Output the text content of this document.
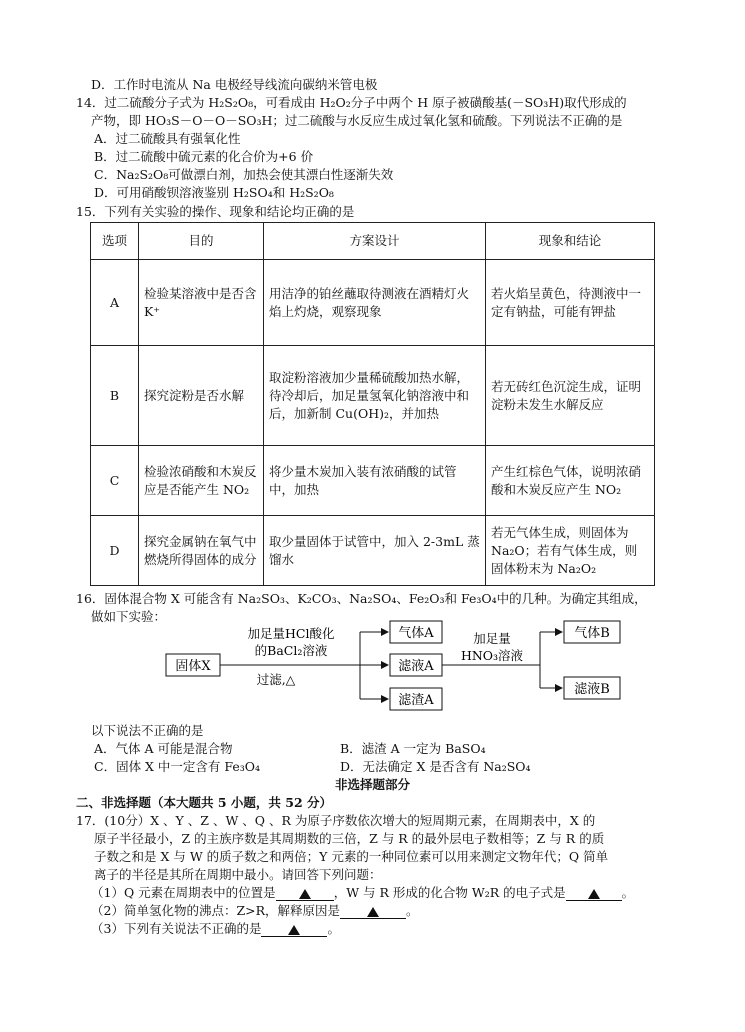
D．工作时电流从 Na 电极经导线流向碳纳米管电极
14．过二硫酸分子式为 H₂S₂O₈，可看成由 H₂O₂分子中两个 H 原子被磺酸基(－SO₃H)取代形成的
产物，即 HO₃S－O－O－SO₃H；过二硫酸与水反应生成过氧化氢和硫酸。下列说法不正确的是
A．过二硫酸具有强氧化性
B．过二硫酸中硫元素的化合价为+6 价
C．Na₂S₂O₈可做漂白剂，加热会使其漂白性逐渐失效
D．可用硝酸钡溶液鉴别 H₂SO₄和 H₂S₂O₈
15．下列有关实验的操作、现象和结论均正确的是
选项	目的	方案设计	现象和结论
A	检验某溶液中是否含 K⁺	用洁净的铂丝蘸取待测液在酒精灯火焰上灼烧，观察现象	若火焰呈黄色，待测液中一定有钠盐，可能有钾盐
B	探究淀粉是否水解	取淀粉溶液加少量稀硫酸加热水解，待冷却后，加足量氢氧化钠溶液中和后，加新制 Cu(OH)₂，并加热	若无砖红色沉淀生成，证明淀粉未发生水解反应
C	检验浓硝酸和木炭反应是否能产生 NO₂	将少量木炭加入装有浓硝酸的试管中，加热	产生红棕色气体，说明浓硝酸和木炭反应产生 NO₂
D	探究金属钠在氧气中燃烧所得固体的成分	取少量固体于试管中，加入 2-3mL 蒸馏水	若无气体生成，则固体为 Na₂O；若有气体生成，则固体粉末为 Na₂O₂
16．固体混合物 X 可能含有 Na₂SO₃、K₂CO₃、Na₂SO₄、Fe₂O₃和 Fe₃O₄中的几种。为确定其组成，
做如下实验：
固体X
加足量HCl酸化
的BaCl₂溶液
过滤,△
气体A
滤液A
滤渣A
加足量
HNO₃溶液
气体B
滤液B
以下说法不正确的是
A．气体 A 可能是混合物	B．滤渣 A 一定为 BaSO₄
C．固体 X 中一定含有 Fe₃O₄	D．无法确定 X 是否含有 Na₂SO₄
非选择题部分
二、非选择题（本大题共 5 小题，共 52 分）
17．(10分）X 、Y 、Z 、W 、Q 、R 为原子序数依次增大的短周期元素，在周期表中，X 的
原子半径最小，Z 的主族序数是其周期数的三倍，Z 与 R 的最外层电子数相等；Z 与 R 的质
子数之和是 X 与 W 的质子数之和两倍；Y 元素的一种同位素可以用来测定文物年代；Q 简单
离子的半径是其所在周期中最小。请回答下列问题：
（1）Q 元素在周期表中的位置是	，W 与 R 形成的化合物 W₂R 的电子式是	。
（2）简单氢化物的沸点：Z>R，解释原因是	。
（3）下列有关说法不正确的是	。
